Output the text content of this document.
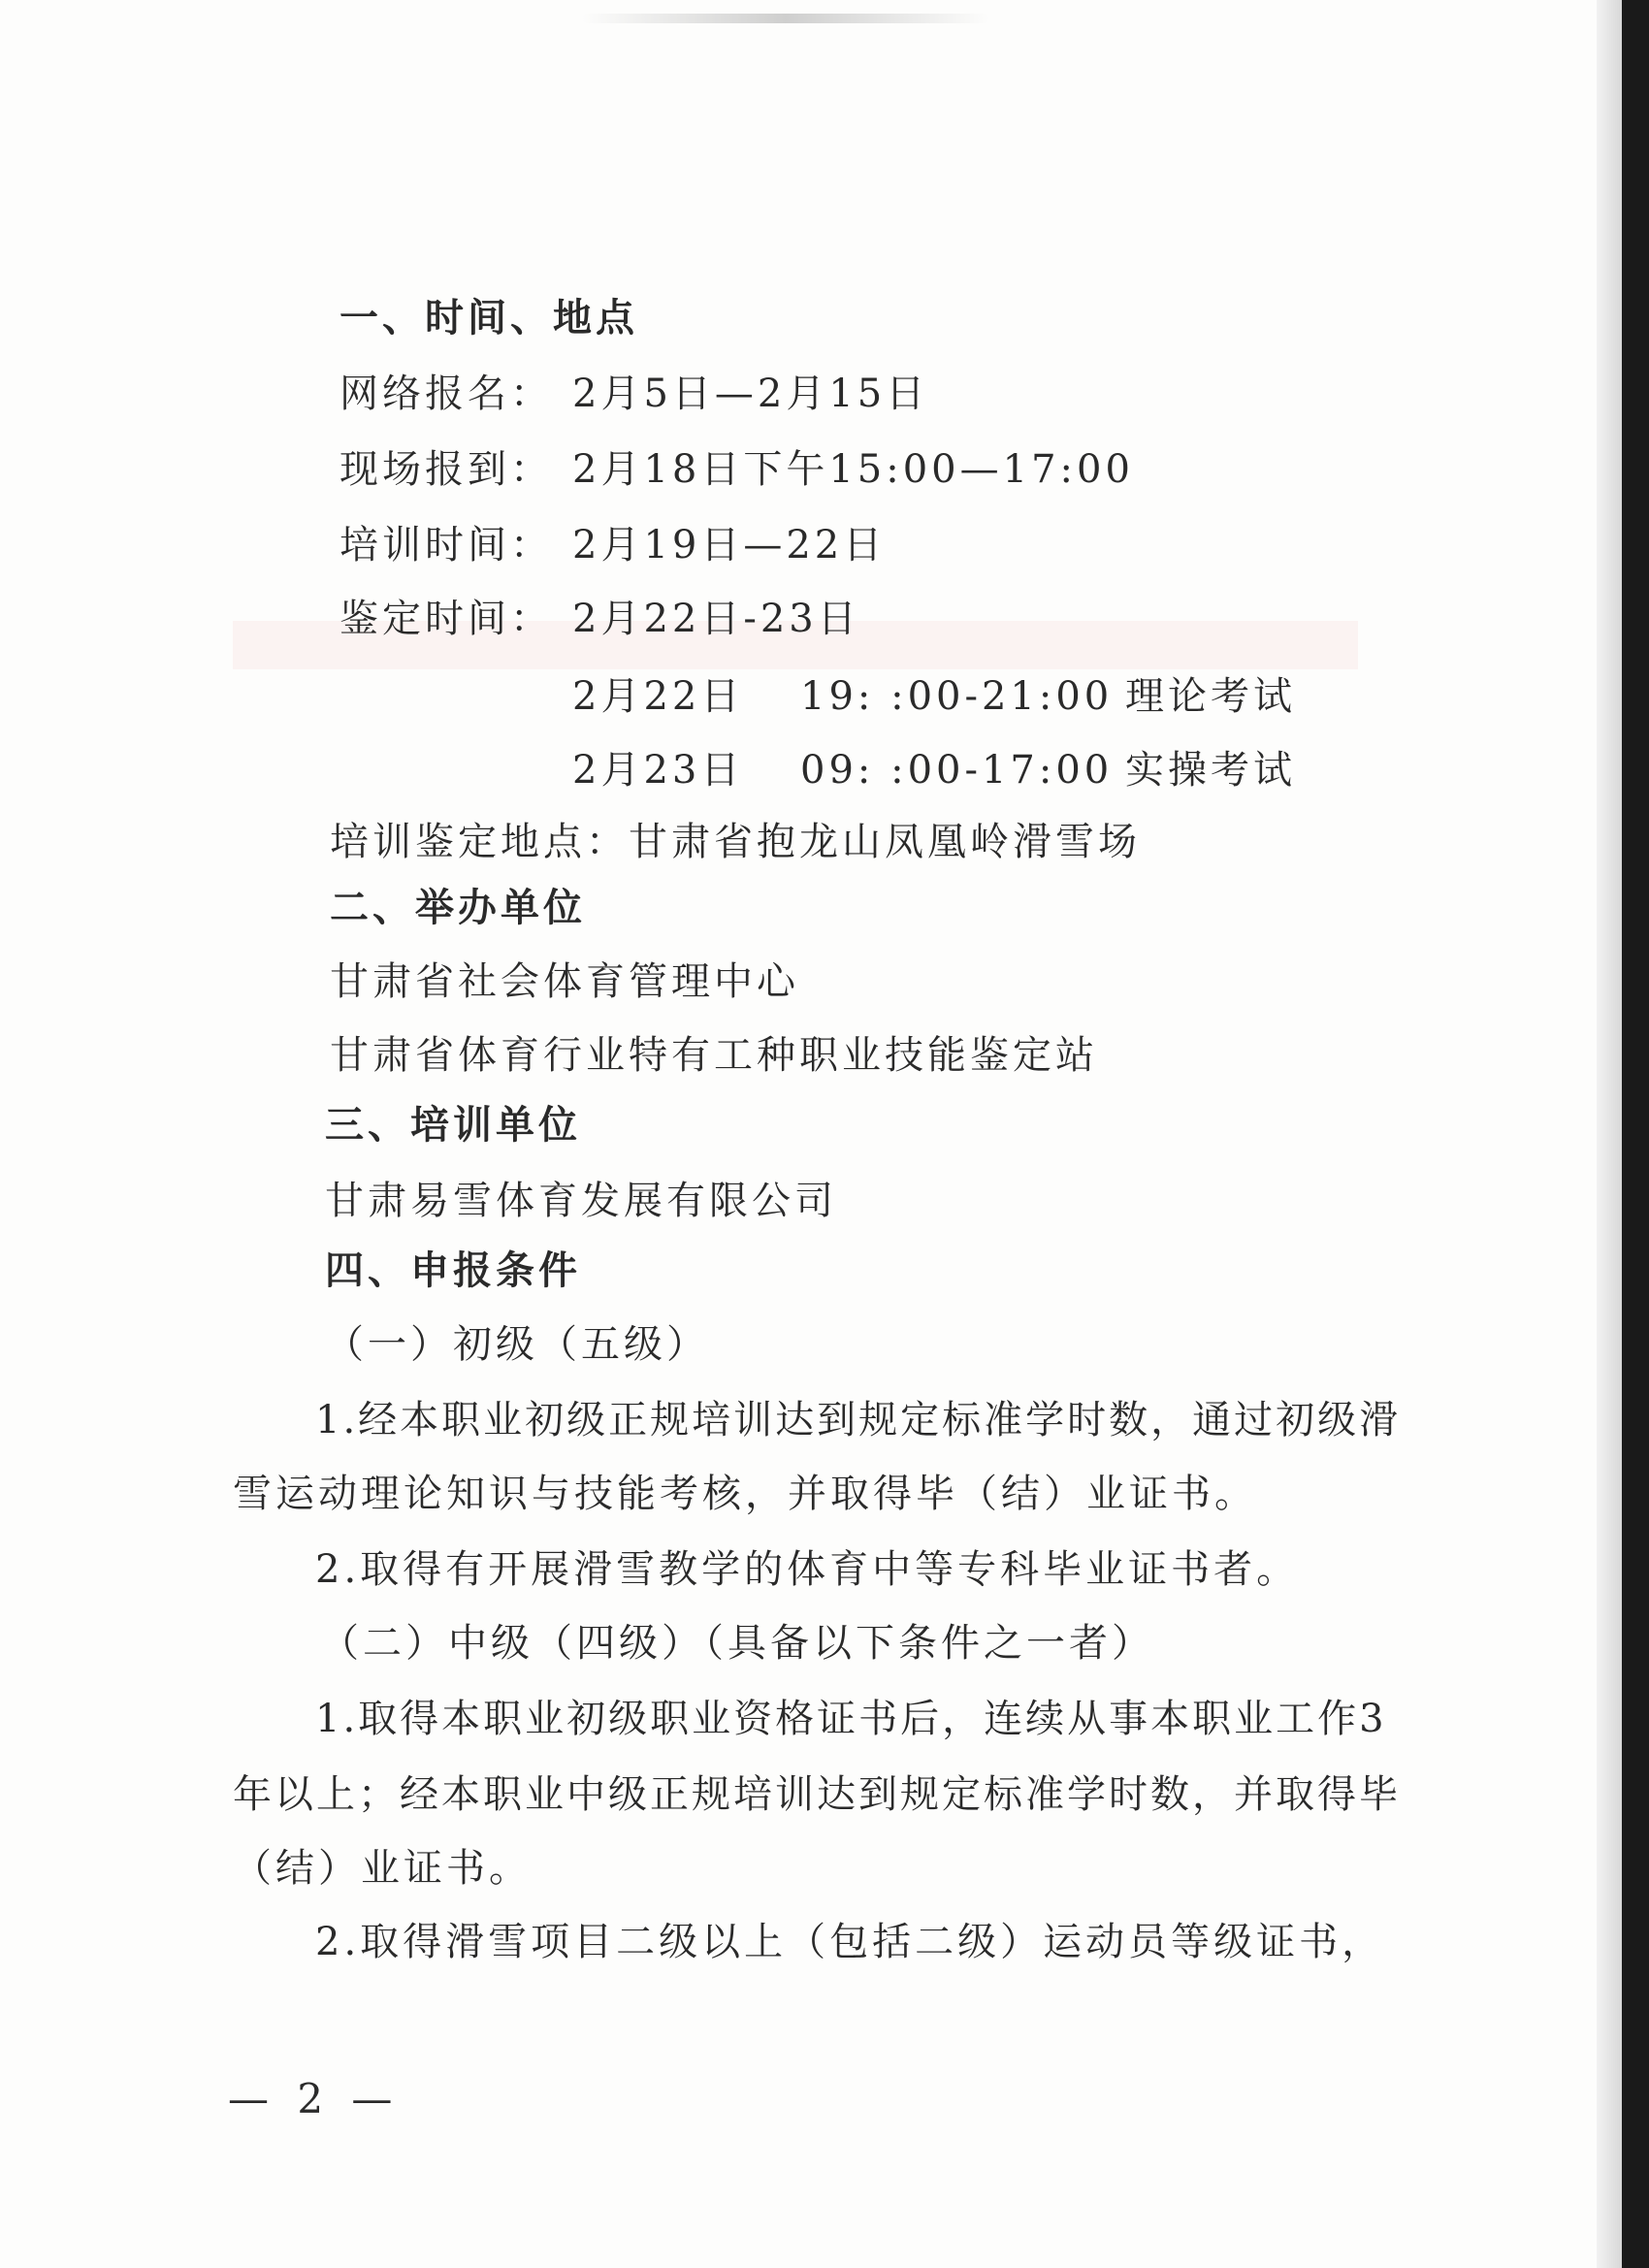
一、时间、地点
网络报名： 2月5日—2月15日
现场报到： 2月18日下午15:00—17:00
培训时间： 2月19日—22日
鉴定时间： 2月22日-23日
2月22日 19: :00-21:00 理论考试
2月23日 09: :00-17:00 实操考试
培训鉴定地点：甘肃省抱龙山凤凰岭滑雪场
二、举办单位
甘肃省社会体育管理中心
甘肃省体育行业特有工种职业技能鉴定站
三、培训单位
甘肃易雪体育发展有限公司
四、申报条件
（一）初级（五级）
1.经本职业初级正规培训达到规定标准学时数，通过初级滑
雪运动理论知识与技能考核，并取得毕（结）业证书。
2.取得有开展滑雪教学的体育中等专科毕业证书者。
（二）中级（四级）（具备以下条件之一者）
1.取得本职业初级职业资格证书后，连续从事本职业工作3
年以上；经本职业中级正规培训达到规定标准学时数，并取得毕
（结）业证书。
2.取得滑雪项目二级以上（包括二级）运动员等级证书，
— 2 —
